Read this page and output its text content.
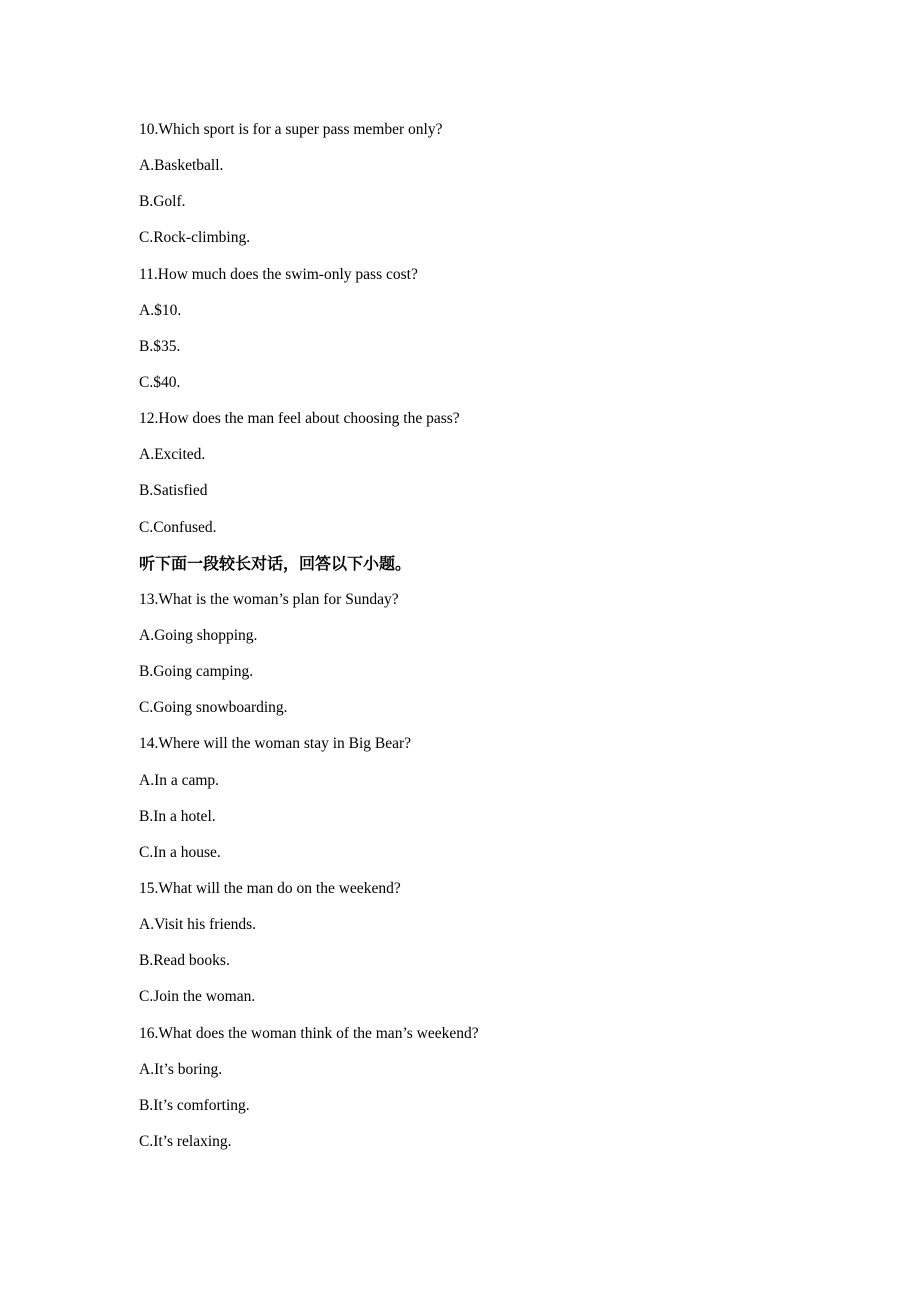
10.Which sport is for a super pass member only?
A.Basketball.
B.Golf.
C.Rock-climbing.
11.How much does the swim-only pass cost?
A.$10.
B.$35.
C.$40.
12.How does the man feel about choosing the pass?
A.Excited.
B.Satisfied
C.Confused.
听下面一段较长对话，回答以下小题。
13.What is the woman’s plan for Sunday?
A.Going shopping.
B.Going camping.
C.Going snowboarding.
14.Where will the woman stay in Big Bear?
A.In a camp.
B.In a hotel.
C.In a house.
15.What will the man do on the weekend?
A.Visit his friends.
B.Read books.
C.Join the woman.
16.What does the woman think of the man’s weekend?
A.It’s boring.
B.It’s comforting.
C.It’s relaxing.
